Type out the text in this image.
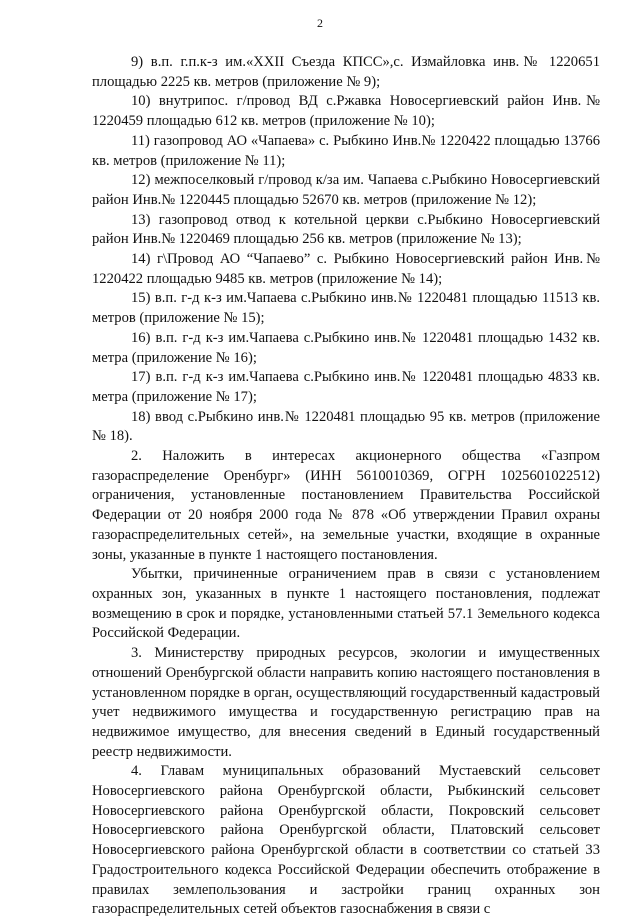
2

9) в.п. г.п.к-з им.«XXII Съезда КПСС»,с. Измайловка инв.№ 1220651 площадью 2225 кв. метров (приложение № 9);

10) внутрипос. г/провод ВД с.Ржавка Новосергиевский район Инв.№ 1220459 площадью 612 кв. метров (приложение № 10);

11) газопровод АО «Чапаева» с. Рыбкино Инв.№ 1220422 площадью 13766 кв. метров (приложение № 11);

12) межпоселковый г/провод к/за им. Чапаева с.Рыбкино Новосергиевский район Инв.№ 1220445 площадью 52670 кв. метров (приложение № 12);

13) газопровод отвод к котельной церкви с.Рыбкино Новосергиевский район Инв.№ 1220469 площадью 256 кв. метров (приложение № 13);

14) г\Провод АО “Чапаево” с. Рыбкино Новосергиевский район Инв.№ 1220422 площадью 9485 кв. метров (приложение № 14);

15) в.п. г-д к-з им.Чапаева с.Рыбкино инв.№ 1220481 площадью 11513 кв. метров (приложение № 15);

16) в.п. г-д к-з им.Чапаева с.Рыбкино инв.№ 1220481 площадью 1432 кв. метра (приложение № 16);

17) в.п. г-д к-з им.Чапаева с.Рыбкино инв.№ 1220481 площадью 4833 кв. метра (приложение № 17);

18) ввод с.Рыбкино инв.№ 1220481 площадью 95 кв. метров (приложение № 18).

2. Наложить в интересах акционерного общества «Газпром газораспределение Оренбург» (ИНН 5610010369, ОГРН 1025601022512) ограничения, установленные постановлением Правительства Российской Федерации от 20 ноября 2000 года № 878 «Об утверждении Правил охраны газораспределительных сетей», на земельные участки, входящие в охранные зоны, указанные в пункте 1 настоящего постановления.

Убытки, причиненные ограничением прав в связи с установлением охранных зон, указанных в пункте 1 настоящего постановления, подлежат возмещению в срок и порядке, установленными статьей 57.1 Земельного кодекса Российской Федерации.

3. Министерству природных ресурсов, экологии и имущественных отношений Оренбургской области направить копию настоящего постановления в установленном порядке в орган, осуществляющий государственный кадастровый учет недвижимого имущества и государственную регистрацию прав на недвижимое имущество, для внесения сведений в Единый государственный реестр недвижимости.

4. Главам муниципальных образований Мустаевский сельсовет Новосергиевского района Оренбургской области, Рыбкинский сельсовет Новосергиевского района Оренбургской области, Покровский сельсовет Новосергиевского района Оренбургской области, Платовский сельсовет Новосергиевского района Оренбургской области в соответствии со статьей 33 Градостроительного кодекса Российской Федерации обеспечить отображение в правилах землепользования и застройки границ охранных зон газораспределительных сетей объектов газоснабжения в связи с
